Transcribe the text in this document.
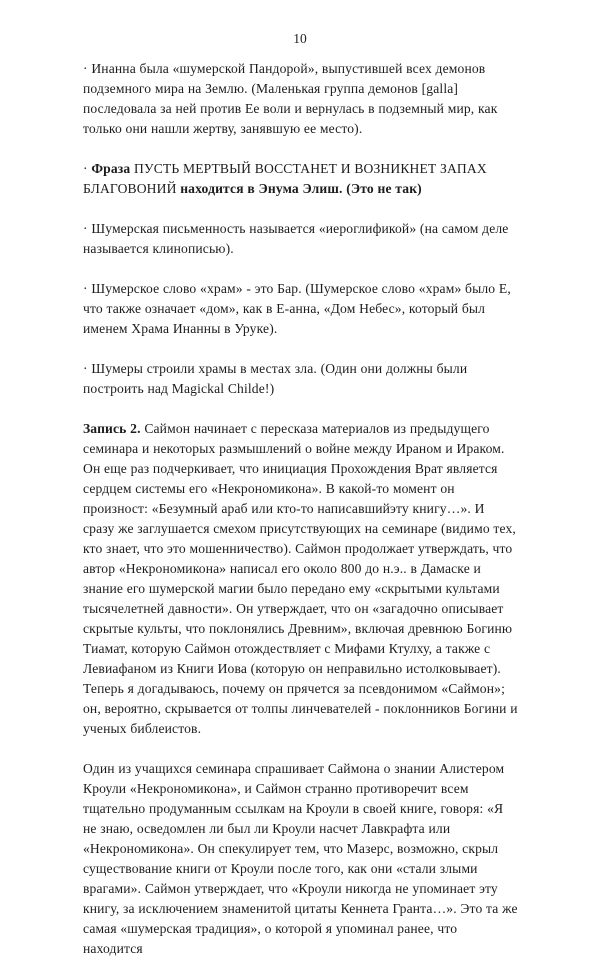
10

· Инанна была «шумерской Пандорой», выпустившей всех демонов подземного мира на Землю. (Маленькая группа демонов [galla] последовала за ней против Ее воли и вернулась в подземный мир, как только они нашли жертву, занявшую ее место).

· Фраза ПУСТЬ МЕРТВЫЙ ВОССТАНЕТ И ВОЗНИКНЕТ ЗАПАХ БЛАГОВОНИЙ находится в Энума Элиш. (Это не так)

· Шумерская письменность называется «иероглификой» (на самом деле называется клинописью).

· Шумерское слово «храм» - это Бар. (Шумерское слово «храм» было Е, что также означает «дом», как в Е-анна, «Дом Небес», который был именем Храма Инанны в Уруке).

· Шумеры строили храмы в местах зла. (Один они должны были построить над Magickal Childe!)

Запись 2. Саймон начинает с пересказа материалов из предыдущего семинара и некоторых размышлений о войне между Ираном и Ираком. Он еще раз подчеркивает, что инициация Прохождения Врат является сердцем системы его «Некрономикона». В какой-то момент он произност: «Безумный араб или кто-то написавшийэту книгу…». И сразу же заглушается смехом присутствующих на семинаре (видимо тех, кто знает, что это мошенничество). Саймон продолжает утверждать, что автор «Некрономикона» написал его около 800 до н.э.. в Дамаске и знание его шумерской магии было передано ему «скрытыми культами тысячелетней давности». Он утверждает, что он «загадочно описывает скрытые культы, что поклонялись Древним», включая древнюю Богиню Тиамат, которую Саймон отождествляет с Мифами Ктулху, а также с Левиафаном из Книги Иова (которую он неправильно истолковывает). Теперь я догадываюсь, почему он прячется за псевдонимом «Саймон»; он, вероятно, скрывается от толпы линчевателей - поклонников Богини и ученых библеистов.

Один из учащихся семинара спрашивает Саймона о знании Алистером Кроули «Некрономикона», и Саймон странно противоречит всем тщательно продуманным ссылкам на Кроули в своей книге, говоря: «Я не знаю, осведомлен ли был ли Кроули насчет Лавкрафта или «Некрономикона». Он спекулирует тем, что Мазерс, возможно, скрыл существование книги от Кроули после того, как они «стали злыми врагами». Саймон утверждает, что «Кроули никогда не упоминает эту книгу, за исключением знаменитой цитаты Кеннета Гранта…». Это та же самая «шумерская традиция», о которой я упоминал ранее, что находится
